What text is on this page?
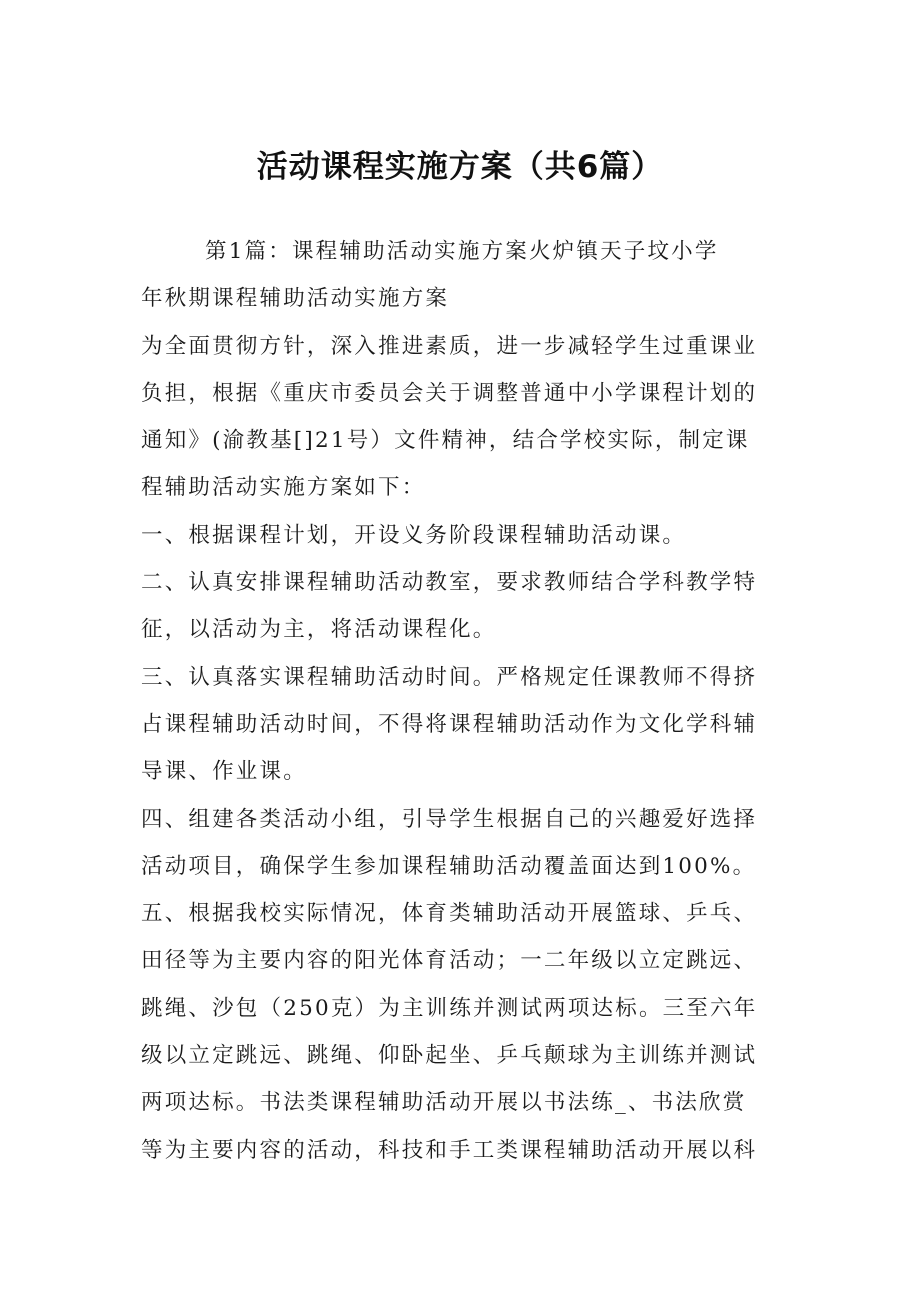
活动课程实施方案（共6篇）

第1篇：课程辅助活动实施方案火炉镇天子坟小学

年秋期课程辅助活动实施方案

为全面贯彻方针，深入推进素质，进一步减轻学生过重课业

负担，根据《重庆市委员会关于调整普通中小学课程计划的

通知》(渝教基[]21号）文件精神，结合学校实际，制定课

程辅助活动实施方案如下：

一、根据课程计划，开设义务阶段课程辅助活动课。

二、认真安排课程辅助活动教室，要求教师结合学科教学特

征，以活动为主，将活动课程化。

三、认真落实课程辅助活动时间。严格规定任课教师不得挤

占课程辅助活动时间，不得将课程辅助活动作为文化学科辅

导课、作业课。

四、组建各类活动小组，引导学生根据自己的兴趣爱好选择

活动项目，确保学生参加课程辅助活动覆盖面达到100%。

五、根据我校实际情况，体育类辅助活动开展篮球、乒乓、

田径等为主要内容的阳光体育活动；一二年级以立定跳远、

跳绳、沙包（250克）为主训练并测试两项达标。三至六年

级以立定跳远、跳绳、仰卧起坐、乒乓颠球为主训练并测试

两项达标。书法类课程辅助活动开展以书法练_、书法欣赏

等为主要内容的活动，科技和手工类课程辅助活动开展以科
